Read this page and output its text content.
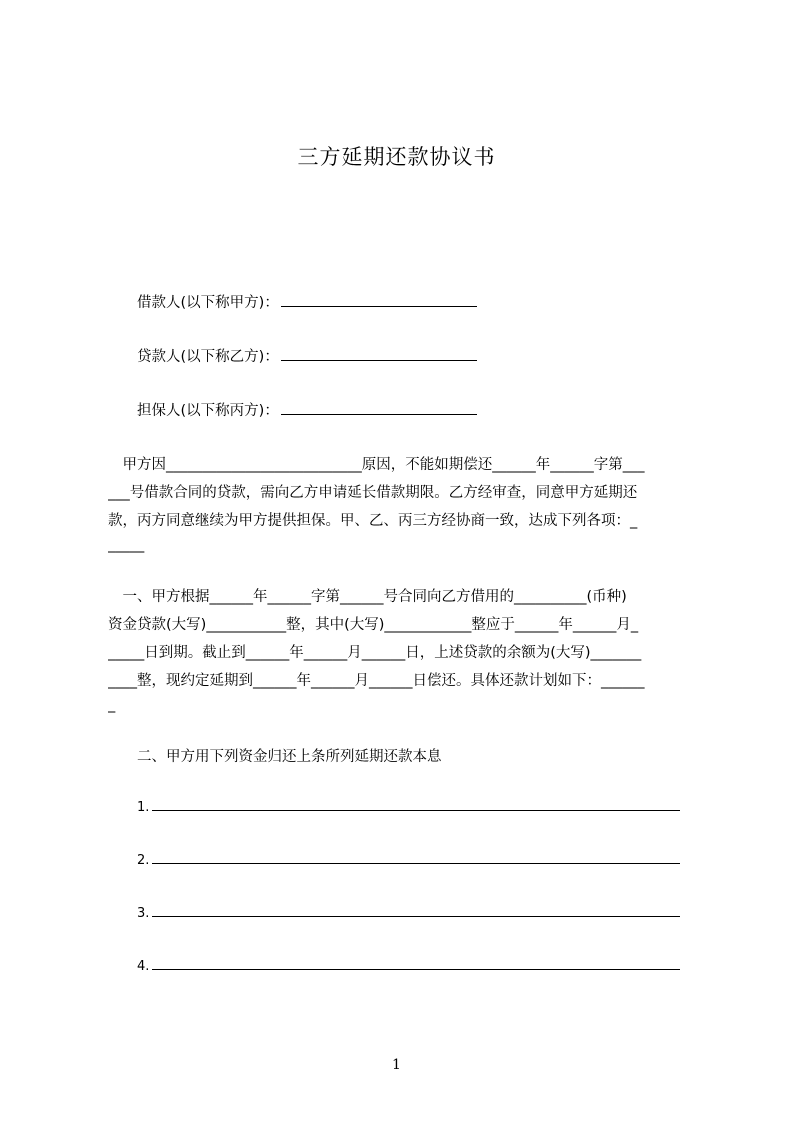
三方延期还款协议书
借款人(以下称甲方)：
贷款人(以下称乙方)：
担保人(以下称丙方)：
　甲方因___________________________原因，不能如期偿还______年______字第___
___号借款合同的贷款，需向乙方申请延长借款期限。乙方经审查，同意甲方延期还
款，丙方同意继续为甲方提供担保。甲、乙、丙三方经协商一致，达成下列各项：_
_____
　一、甲方根据______年______字第______号合同向乙方借用的__________(币种)
资金贷款(大写)___________整，其中(大写)____________整应于______年______月_
_____日到期。截止到______年______月______日，上述贷款的余额为(大写)_______
____整，现约定延期到______年______月______日偿还。具体还款计划如下：______
_
二、甲方用下列资金归还上条所列延期还款本息
1.
2.
3.
4.
1
